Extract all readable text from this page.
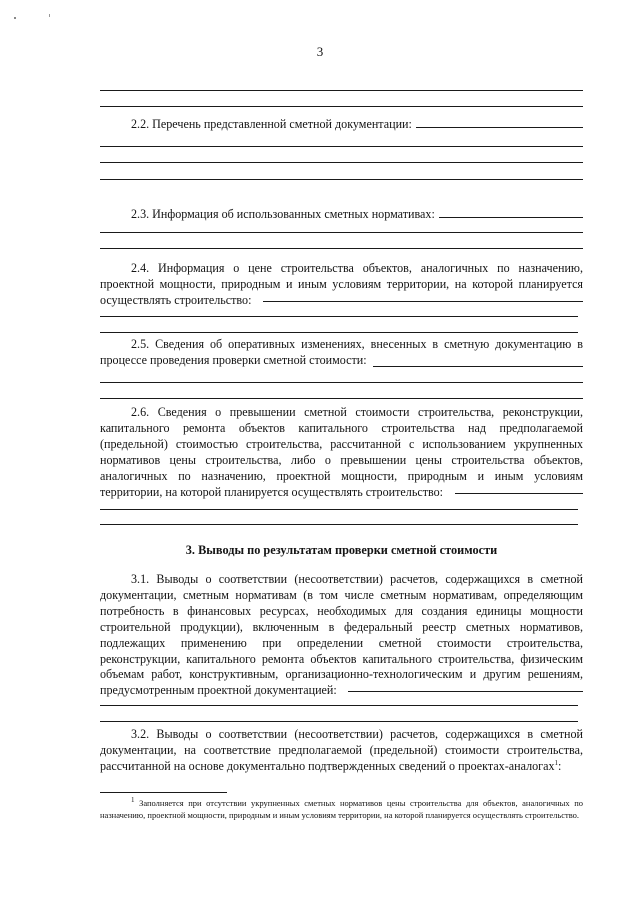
3
2.2. Перечень представленной сметной документации:
2.3. Информация об использованных сметных нормативах:

2.4. Информация о цене строительства объектов, аналогичных по назначению, проектной мощности, природным и иным условиям территории, на которой планируется осуществлять строительство:

2.5. Сведения об оперативных изменениях, внесенных в сметную документацию в процессе проведения проверки сметной стоимости:

2.6. Сведения о превышении сметной стоимости строительства, реконструкции, капитального ремонта объектов капитального строительства над предполагаемой (предельной) стоимостью строительства, рассчитанной с использованием укрупненных нормативов цены строительства, либо о превышении цены строительства объектов, аналогичных по назначению, проектной мощности, природным и иным условиям территории, на которой планируется осуществлять строительство:

3. Выводы по результатам проверки сметной стоимости

3.1. Выводы о соответствии (несоответствии) расчетов, содержащихся в сметной документации, сметным нормативам (в том числе сметным нормативам, определяющим потребность в финансовых ресурсах, необходимых для создания единицы мощности строительной продукции), включенным в федеральный реестр сметных нормативов, подлежащих применению при определении сметной стоимости строительства, реконструкции, капитального ремонта объектов капитального строительства, физическим объемам работ, конструктивным, организационно-технологическим и другим решениям, предусмотренным проектной документацией:

3.2. Выводы о соответствии (несоответствии) расчетов, содержащихся в сметной документации, на соответствие предполагаемой (предельной) стоимости строительства, рассчитанной на основе документально подтвержденных сведений о проектах-аналогах$^1$:

$^1$ Заполняется при отсутствии укрупненных сметных нормативов цены строительства для объектов, аналогичных по назначению, проектной мощности, природным и иным условиям территории, на которой планируется осуществлять строительство.
